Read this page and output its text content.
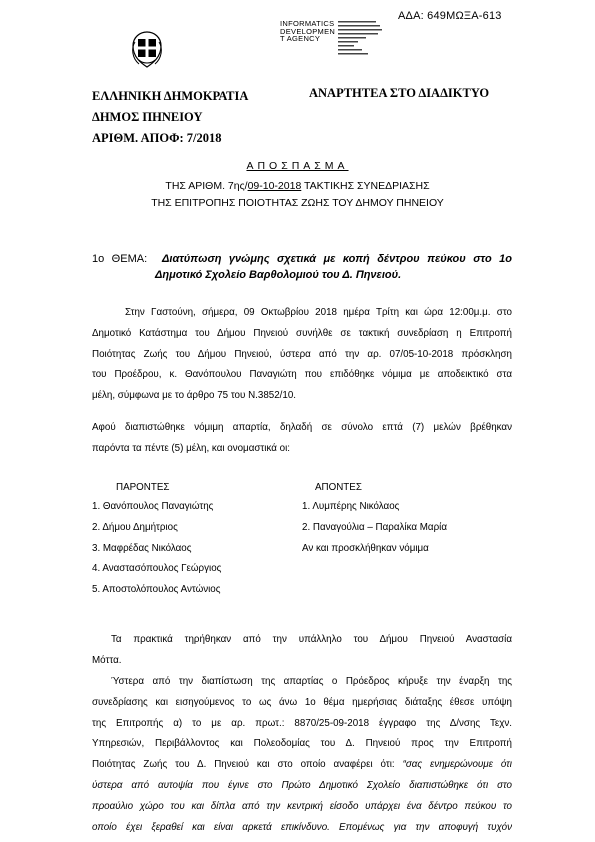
ΑΔΑ: 649ΜΩΞΑ-613
INFORMATICS
DEVELOPMEN
T AGENCY
ΕΛΛΗΝΙΚΗ ΔΗΜΟΚΡΑΤΙΑ
ΔΗΜΟΣ ΠΗΝΕΙΟΥ
ΑΡΙΘΜ. ΑΠΟΦ: 7/2018
ΑΝΑΡΤΗΤΕΑ ΣΤΟ ΔΙΑΔΙΚΤΥΟ
ΑΠΟΣΠΑΣΜΑ
ΤΗΣ ΑΡΙΘΜ. 7ης/09-10-2018 ΤΑΚΤΙΚΗΣ ΣΥΝΕΔΡΙΑΣΗΣ
ΤΗΣ ΕΠΙΤΡΟΠΗΣ ΠΟΙΟΤΗΤΑΣ ΖΩΗΣ ΤΟΥ ΔΗΜΟΥ ΠΗΝΕΙΟΥ
1ο ΘΕΜΑ: Διατύπωση γνώμης σχετικά με κοπή δέντρου πεύκου στο 1ο
Δημοτικό Σχολείο Βαρθολομιού του Δ. Πηνειού.
Στην Γαστούνη, σήμερα, 09 Οκτωβρίου 2018 ημέρα Τρίτη και ώρα 12:00μ.μ. στο
Δημοτικό Κατάστημα του Δήμου Πηνειού συνήλθε σε τακτική συνεδρίαση η Επιτροπή
Ποιότητας Ζωής του Δήμου Πηνειού, ύστερα από την αρ. 07/05-10-2018 πρόσκληση
του Προέδρου, κ. Θανόπουλου Παναγιώτη που επιδόθηκε νόμιμα με αποδεικτικό στα
μέλη, σύμφωνα με το άρθρο 75 του Ν.3852/10.
Αφού διαπιστώθηκε νόμιμη απαρτία, δηλαδή σε σύνολο επτά (7) μελών βρέθηκαν
παρόντα τα πέντε (5) μέλη, και ονομαστικά οι:
ΠΑΡΟΝΤΕΣ	ΑΠΟΝΤΕΣ
1. Θανόπουλος Παναγιώτης
2. Δήμου Δημήτριος
3. Μαφρέδας Νικόλαος
4. Αναστασόπουλος Γεώργιος
5. Αποστολόπουλος Αντώνιος
1. Λυμπέρης Νικόλαος
2. Παναγούλια – Παραλίκα Μαρία
Αν και προσκλήθηκαν νόμιμα
Τα πρακτικά τηρήθηκαν από την υπάλληλο του Δήμου Πηνειού Αναστασία
Μόττα.
Ύστερα από την διαπίστωση της απαρτίας ο Πρόεδρος κήρυξε την έναρξη της
συνεδρίασης και εισηγούμενος το ως άνω 1ο θέμα ημερήσιας διάταξης έθεσε υπόψη
της Επιτροπής α) το με αρ. πρωτ.: 8870/25-09-2018 έγγραφο της Δ/νσης Τεχν.
Υπηρεσιών, Περιβάλλοντος και Πολεοδομίας του Δ. Πηνειού προς την Επιτροπή
Ποιότητας Ζωής του Δ. Πηνειού και στο οποίο αναφέρει ότι: “σας ενημερώνουμε ότι
ύστερα από αυτοψία που έγινε στο Πρώτο Δημοτικό Σχολείο διαπιστώθηκε ότι στο
προαύλιο χώρο του και δίπλα από την κεντρική είσοδο υπάρχει ένα δέντρο πεύκου το
οποίο έχει ξεραθεί και είναι αρκετά επικίνδυνο. Επομένως για την αποφυγή τυχόν
